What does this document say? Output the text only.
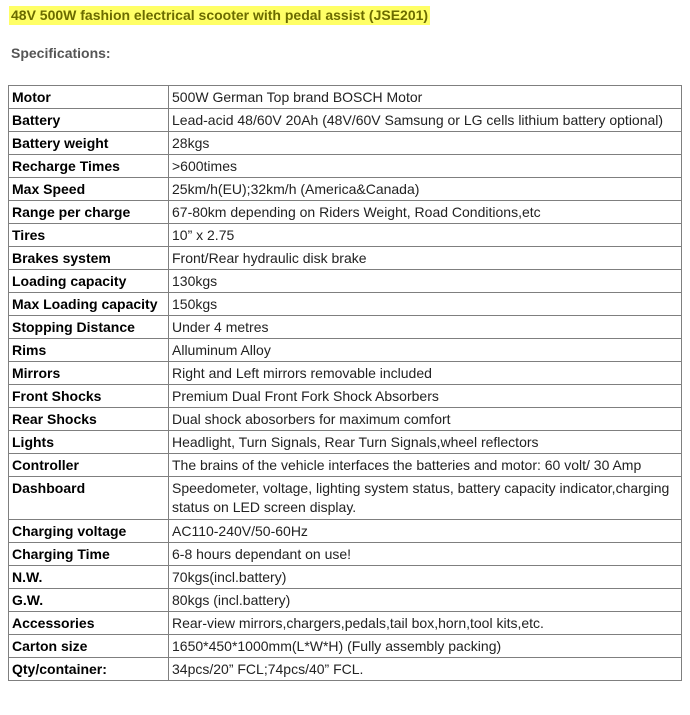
48V 500W fashion electrical scooter with pedal assist (JSE201)
Specifications:
Motor	500W German Top brand BOSCH Motor
Battery	Lead-acid 48/60V 20Ah (48V/60V Samsung or LG cells lithium battery optional)
Battery weight	28kgs
Recharge Times	>600times
Max Speed	25km/h(EU);32km/h (America&Canada)
Range per charge	67-80km depending on Riders Weight, Road Conditions,etc
Tires	10” x 2.75
Brakes system	Front/Rear hydraulic disk brake
Loading capacity	130kgs
Max Loading capacity	150kgs
Stopping Distance	Under 4 metres
Rims	Alluminum Alloy
Mirrors	Right and Left mirrors removable included
Front Shocks	Premium Dual Front Fork Shock Absorbers
Rear Shocks	Dual shock abosorbers for maximum comfort
Lights	Headlight, Turn Signals, Rear Turn Signals,wheel reflectors
Controller	The brains of the vehicle interfaces the batteries and motor: 60 volt/ 30 Amp
Dashboard	Speedometer, voltage, lighting system status, battery capacity indicator,charging status on LED screen display.
Charging voltage	AC110-240V/50-60Hz
Charging Time	6-8 hours dependant on use!
N.W.	70kgs(incl.battery)
G.W.	80kgs (incl.battery)
Accessories	Rear-view mirrors,chargers,pedals,tail box,horn,tool kits,etc.
Carton size	1650*450*1000mm(L*W*H) (Fully assembly packing)
Qty/container:	34pcs/20” FCL;74pcs/40” FCL.
